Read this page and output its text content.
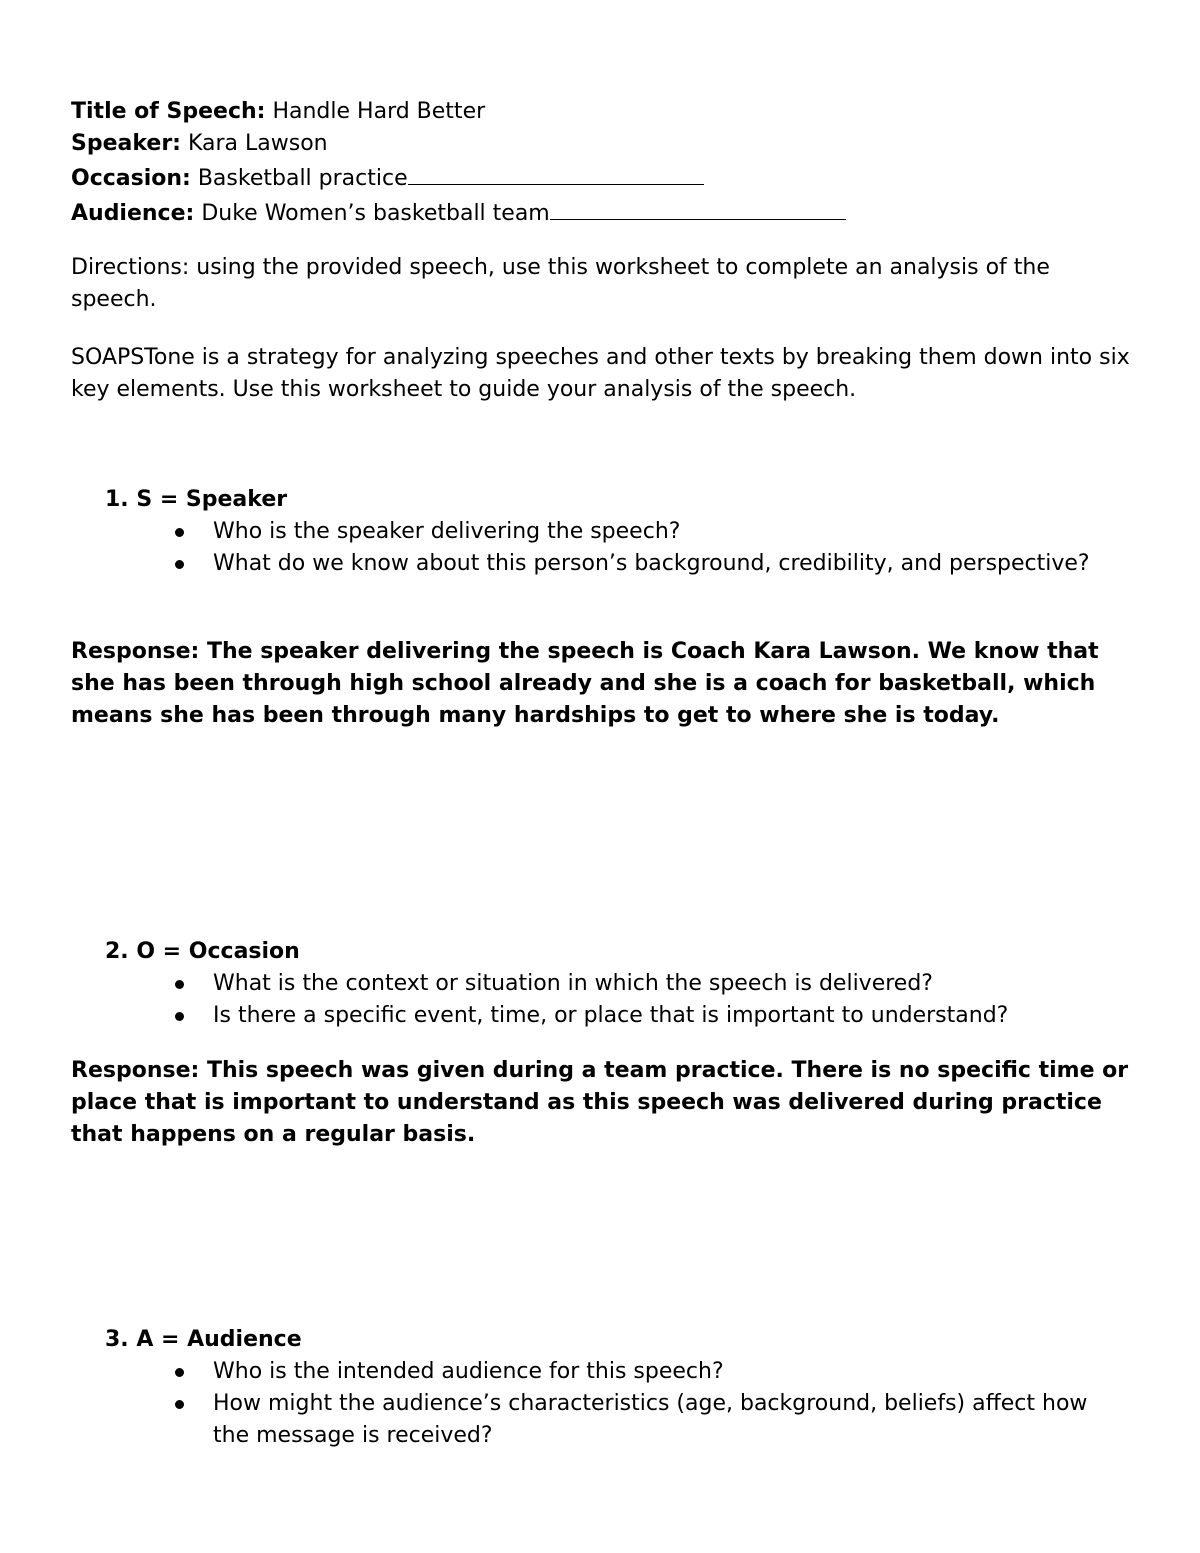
Title of Speech: Handle Hard Better
Speaker: Kara Lawson
Occasion: Basketball practice
Audience: Duke Women’s basketball team

Directions: using the provided speech, use this worksheet to complete an analysis of the speech.

SOAPSTone is a strategy for analyzing speeches and other texts by breaking them down into six key elements. Use this worksheet to guide your analysis of the speech.

1. S = Speaker
Who is the speaker delivering the speech?
What do we know about this person’s background, credibility, and perspective?

Response: The speaker delivering the speech is Coach Kara Lawson. We know that she has been through high school already and she is a coach for basketball, which means she has been through many hardships to get to where she is today.

2. O = Occasion
What is the context or situation in which the speech is delivered?
Is there a specific event, time, or place that is important to understand?

Response: This speech was given during a team practice. There is no specific time or place that is important to understand as this speech was delivered during practice that happens on a regular basis.

3. A = Audience
Who is the intended audience for this speech?
How might the audience’s characteristics (age, background, beliefs) affect how the message is received?
